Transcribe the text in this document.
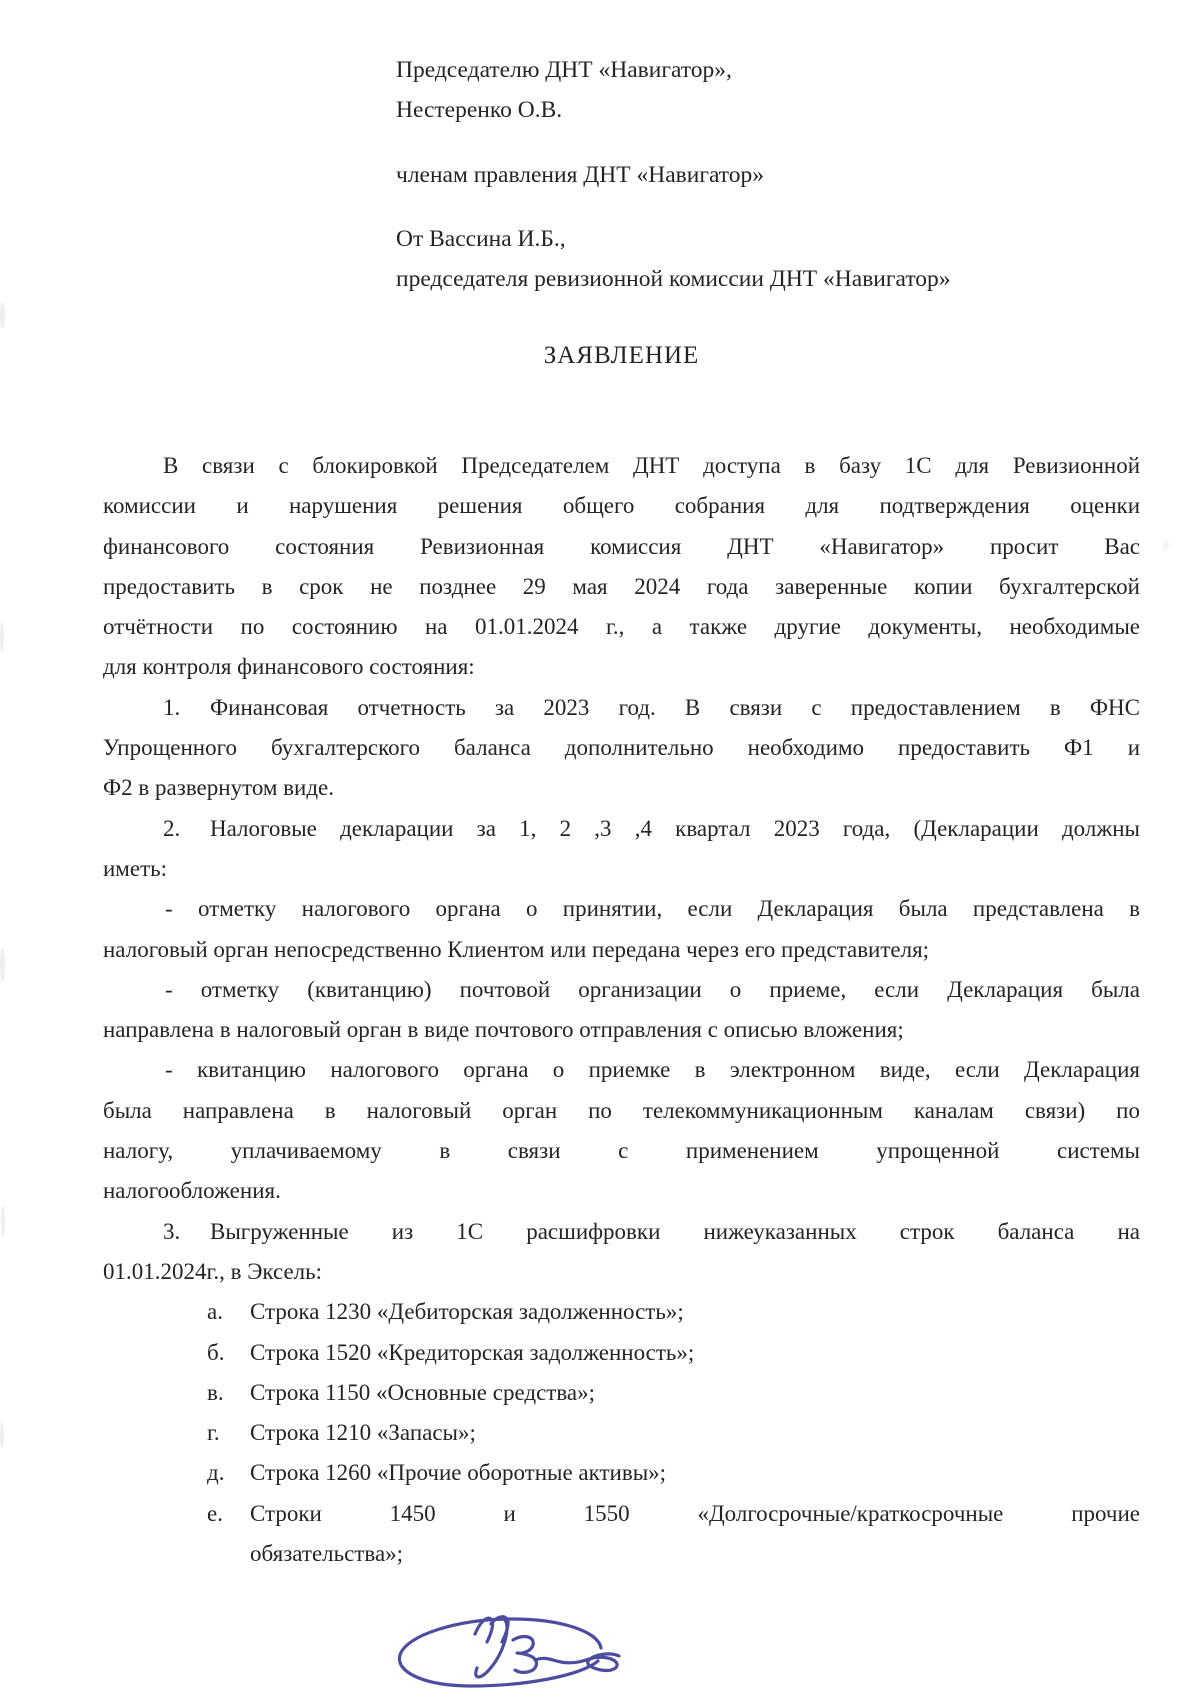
Председателю ДНТ «Навигатор»,
Нестеренко О.В.
членам правления ДНТ «Навигатор»
От Вассина И.Б.,
председателя ревизионной комиссии ДНТ «Навигатор»
ЗАЯВЛЕНИЕ
В связи с блокировкой Председателем ДНТ доступа в базу 1С для Ревизионной
комиссии и нарушения решения общего собрания для подтверждения оценки
финансового состояния Ревизионная комиссия ДНТ «Навигатор» просит Вас
предоставить в срок не позднее 29 мая 2024 года заверенные копии бухгалтерской
отчётности по состоянию на 01.01.2024 г., а также другие документы, необходимые
для контроля финансового состояния:
1. Финансовая отчетность за 2023 год. В связи с предоставлением в ФНС
Упрощенного бухгалтерского баланса дополнительно необходимо предоставить Ф1 и
Ф2 в развернутом виде.
2. Налоговые декларации за 1, 2 ,3 ,4 квартал 2023 года, (Декларации должны
иметь:
- отметку налогового органа о принятии, если Декларация была представлена в
налоговый орган непосредственно Клиентом или передана через его представителя;
- отметку (квитанцию) почтовой организации о приеме, если Декларация была
направлена в налоговый орган в виде почтового отправления с описью вложения;
- квитанцию налогового органа о приемке в электронном виде, если Декларация
была направлена в налоговый орган по телекоммуникационным каналам связи) по
налогу, уплачиваемому в связи с применением упрощенной системы
налогообложения.
3. Выгруженные из 1С расшифровки нижеуказанных строк баланса на
01.01.2024г., в Эксель:
а. Строка 1230 «Дебиторская задолженность»;
б. Строка 1520 «Кредиторская задолженность»;
в. Строка 1150 «Основные средства»;
г. Строка 1210 «Запасы»;
д. Строка 1260 «Прочие оборотные активы»;
е. Строки 1450 и 1550 «Долгосрочные/краткосрочные прочие
обязательства»;
